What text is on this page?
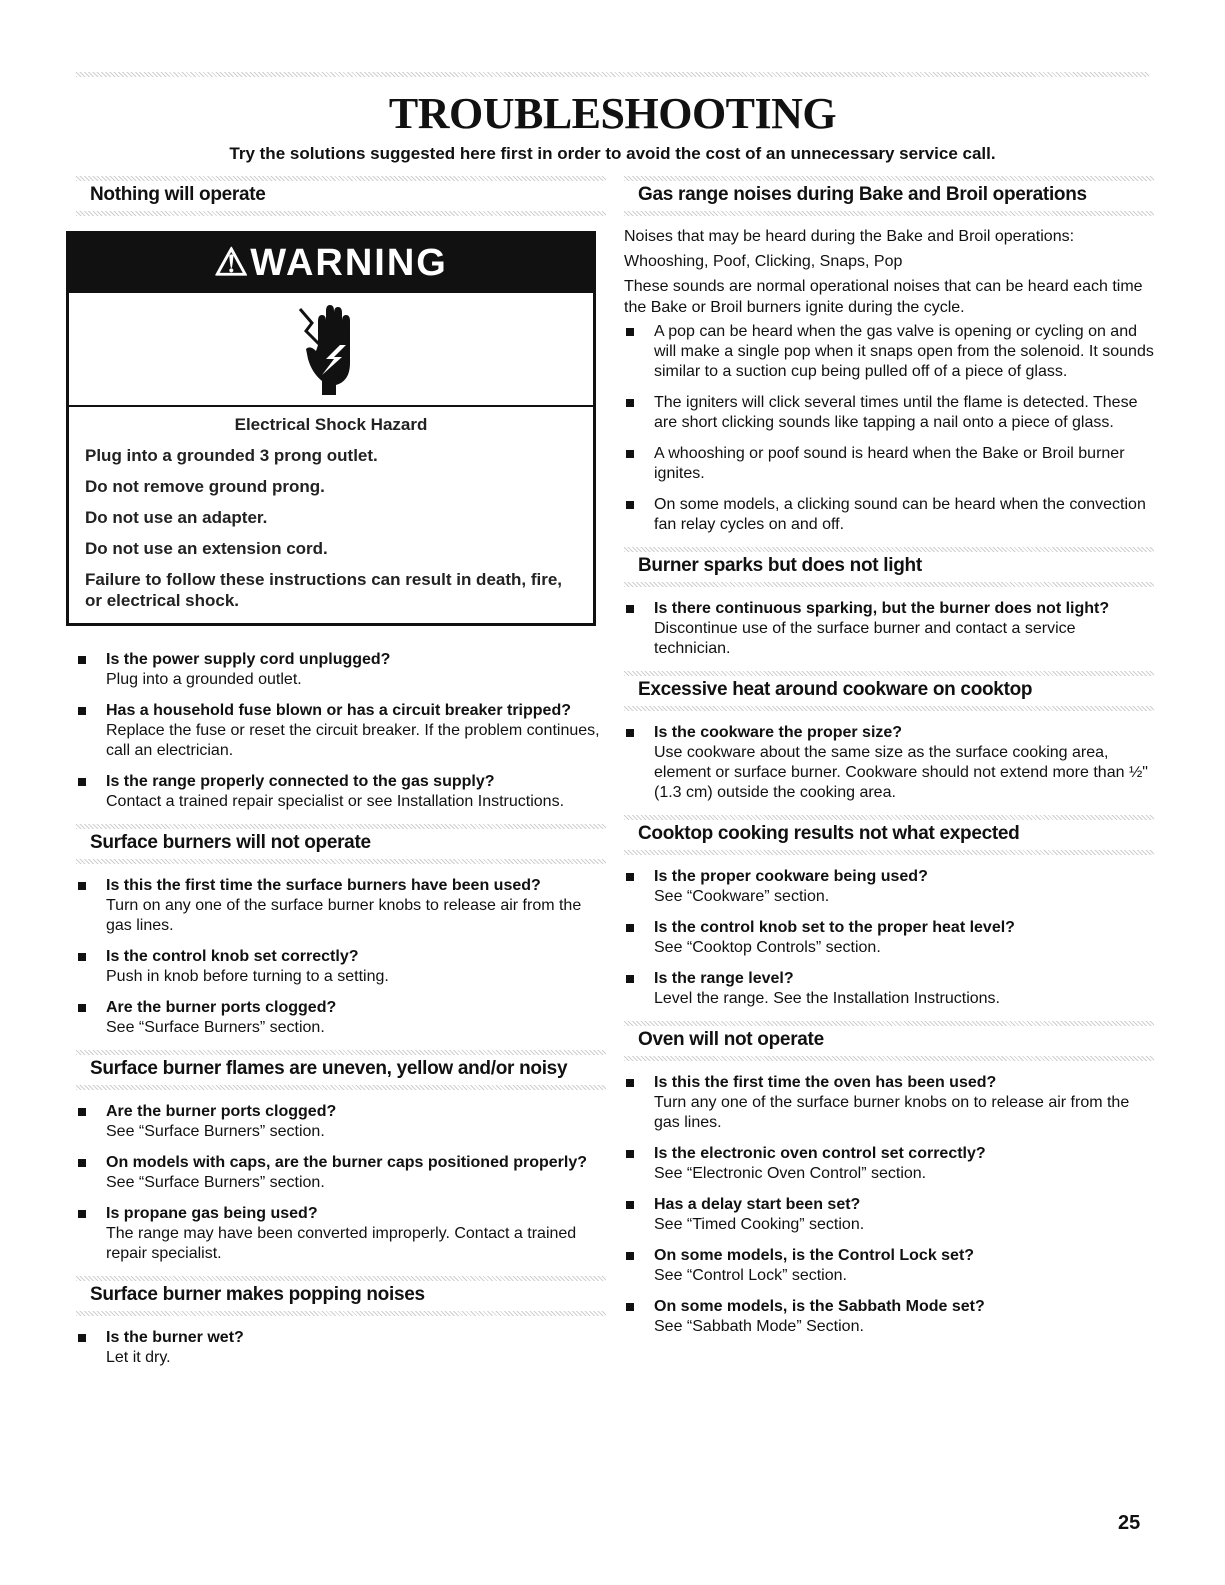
TROUBLESHOOTING
Try the solutions suggested here first in order to avoid the cost of an unnecessary service call.
Nothing will operate
⚠WARNING
Electrical Shock Hazard
Plug into a grounded 3 prong outlet.
Do not remove ground prong.
Do not use an adapter.
Do not use an extension cord.
Failure to follow these instructions can result in death, fire, or electrical shock.
Is the power supply cord unplugged?
Plug into a grounded outlet.
Has a household fuse blown or has a circuit breaker tripped?
Replace the fuse or reset the circuit breaker. If the problem continues, call an electrician.
Is the range properly connected to the gas supply?
Contact a trained repair specialist or see Installation Instructions.
Surface burners will not operate
Is this the first time the surface burners have been used?
Turn on any one of the surface burner knobs to release air from the gas lines.
Is the control knob set correctly?
Push in knob before turning to a setting.
Are the burner ports clogged?
See “Surface Burners” section.
Surface burner flames are uneven, yellow and/or noisy
Are the burner ports clogged?
See “Surface Burners” section.
On models with caps, are the burner caps positioned properly?
See “Surface Burners” section.
Is propane gas being used?
The range may have been converted improperly. Contact a trained repair specialist.
Surface burner makes popping noises
Is the burner wet?
Let it dry.
Gas range noises during Bake and Broil operations

Noises that may be heard during the Bake and Broil operations:

Whooshing, Poof, Clicking, Snaps, Pop

These sounds are normal operational noises that can be heard each time the Bake or Broil burners ignite during the cycle.

A pop can be heard when the gas valve is opening or cycling on and will make a single pop when it snaps open from the solenoid. It sounds similar to a suction cup being pulled off of a piece of glass.
The igniters will click several times until the flame is detected. These are short clicking sounds like tapping a nail onto a piece of glass.
A whooshing or poof sound is heard when the Bake or Broil burner ignites.
On some models, a clicking sound can be heard when the convection fan relay cycles on and off.
Burner sparks but does not light
Is there continuous sparking, but the burner does not light?
Discontinue use of the surface burner and contact a service technician.
Excessive heat around cookware on cooktop
Is the cookware the proper size?
Use cookware about the same size as the surface cooking area, element or surface burner. Cookware should not extend more than ½" (1.3 cm) outside the cooking area.
Cooktop cooking results not what expected
Is the proper cookware being used?
See “Cookware” section.
Is the control knob set to the proper heat level?
See “Cooktop Controls” section.
Is the range level?
Level the range. See the Installation Instructions.
Oven will not operate
Is this the first time the oven has been used?
Turn any one of the surface burner knobs on to release air from the gas lines.
Is the electronic oven control set correctly?
See “Electronic Oven Control” section.
Has a delay start been set?
See “Timed Cooking” section.
On some models, is the Control Lock set?
See “Control Lock” section.
On some models, is the Sabbath Mode set?
See “Sabbath Mode” Section.
25
